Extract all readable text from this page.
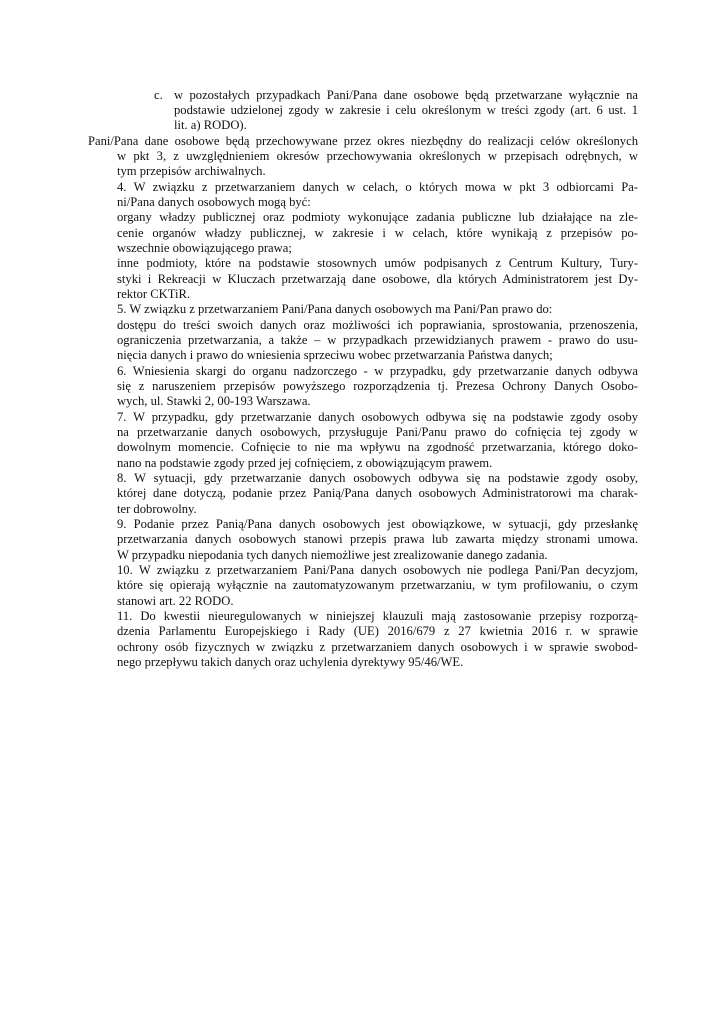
c. w pozostałych przypadkach Pani/Pana dane osobowe będą przetwarzane wyłącznie na
podstawie udzielonej zgody w zakresie i celu określonym w treści zgody (art. 6 ust. 1
lit. a) RODO).
Pani/Pana dane osobowe będą przechowywane przez okres niezbędny do realizacji celów określonych
w pkt 3, z uwzględnieniem okresów przechowywania określonych w przepisach odrębnych, w
tym przepisów archiwalnych.
4. W związku z przetwarzaniem danych w celach, o których mowa w pkt 3 odbiorcami Pa-
ni/Pana danych osobowych mogą być:
organy władzy publicznej oraz podmioty wykonujące zadania publiczne lub działające na zle-
cenie organów władzy publicznej, w zakresie i w celach, które wynikają z przepisów po-
wszechnie obowiązującego prawa;
inne podmioty, które na podstawie stosownych umów podpisanych z Centrum Kultury, Tury-
styki i Rekreacji w Kluczach przetwarzają dane osobowe, dla których Administratorem jest Dy-
rektor CKTiR.
5. W związku z przetwarzaniem Pani/Pana danych osobowych ma Pani/Pan prawo do:
dostępu do treści swoich danych oraz możliwości ich poprawiania, sprostowania, przenoszenia,
ograniczenia przetwarzania, a także – w przypadkach przewidzianych prawem - prawo do usu-
nięcia danych i prawo do wniesienia sprzeciwu wobec przetwarzania Państwa danych;
6. Wniesienia skargi do organu nadzorczego - w przypadku, gdy przetwarzanie danych odbywa
się z naruszeniem przepisów powyższego rozporządzenia tj. Prezesa Ochrony Danych Osobo-
wych, ul. Stawki 2, 00-193 Warszawa.
7. W przypadku, gdy przetwarzanie danych osobowych odbywa się na podstawie zgody osoby
na przetwarzanie danych osobowych, przysługuje Pani/Panu prawo do cofnięcia tej zgody w
dowolnym momencie. Cofnięcie to nie ma wpływu na zgodność przetwarzania, którego doko-
nano na podstawie zgody przed jej cofnięciem, z obowiązującym prawem.
8. W sytuacji, gdy przetwarzanie danych osobowych odbywa się na podstawie zgody osoby,
której dane dotyczą, podanie przez Panią/Pana danych osobowych Administratorowi ma charak-
ter dobrowolny.
9. Podanie przez Panią/Pana danych osobowych jest obowiązkowe, w sytuacji, gdy przesłankę
przetwarzania danych osobowych stanowi przepis prawa lub zawarta między stronami umowa.
W przypadku niepodania tych danych niemożliwe jest zrealizowanie danego zadania.
10. W związku z przetwarzaniem Pani/Pana danych osobowych nie podlega Pani/Pan decyzjom,
które się opierają wyłącznie na zautomatyzowanym przetwarzaniu, w tym profilowaniu, o czym
stanowi art. 22 RODO.
11. Do kwestii nieuregulowanych w niniejszej klauzuli mają zastosowanie przepisy rozporzą-
dzenia Parlamentu Europejskiego i Rady (UE) 2016/679 z 27 kwietnia 2016 r. w sprawie
ochrony osób fizycznych w związku z przetwarzaniem danych osobowych i w sprawie swobod-
nego przepływu takich danych oraz uchylenia dyrektywy 95/46/WE.
